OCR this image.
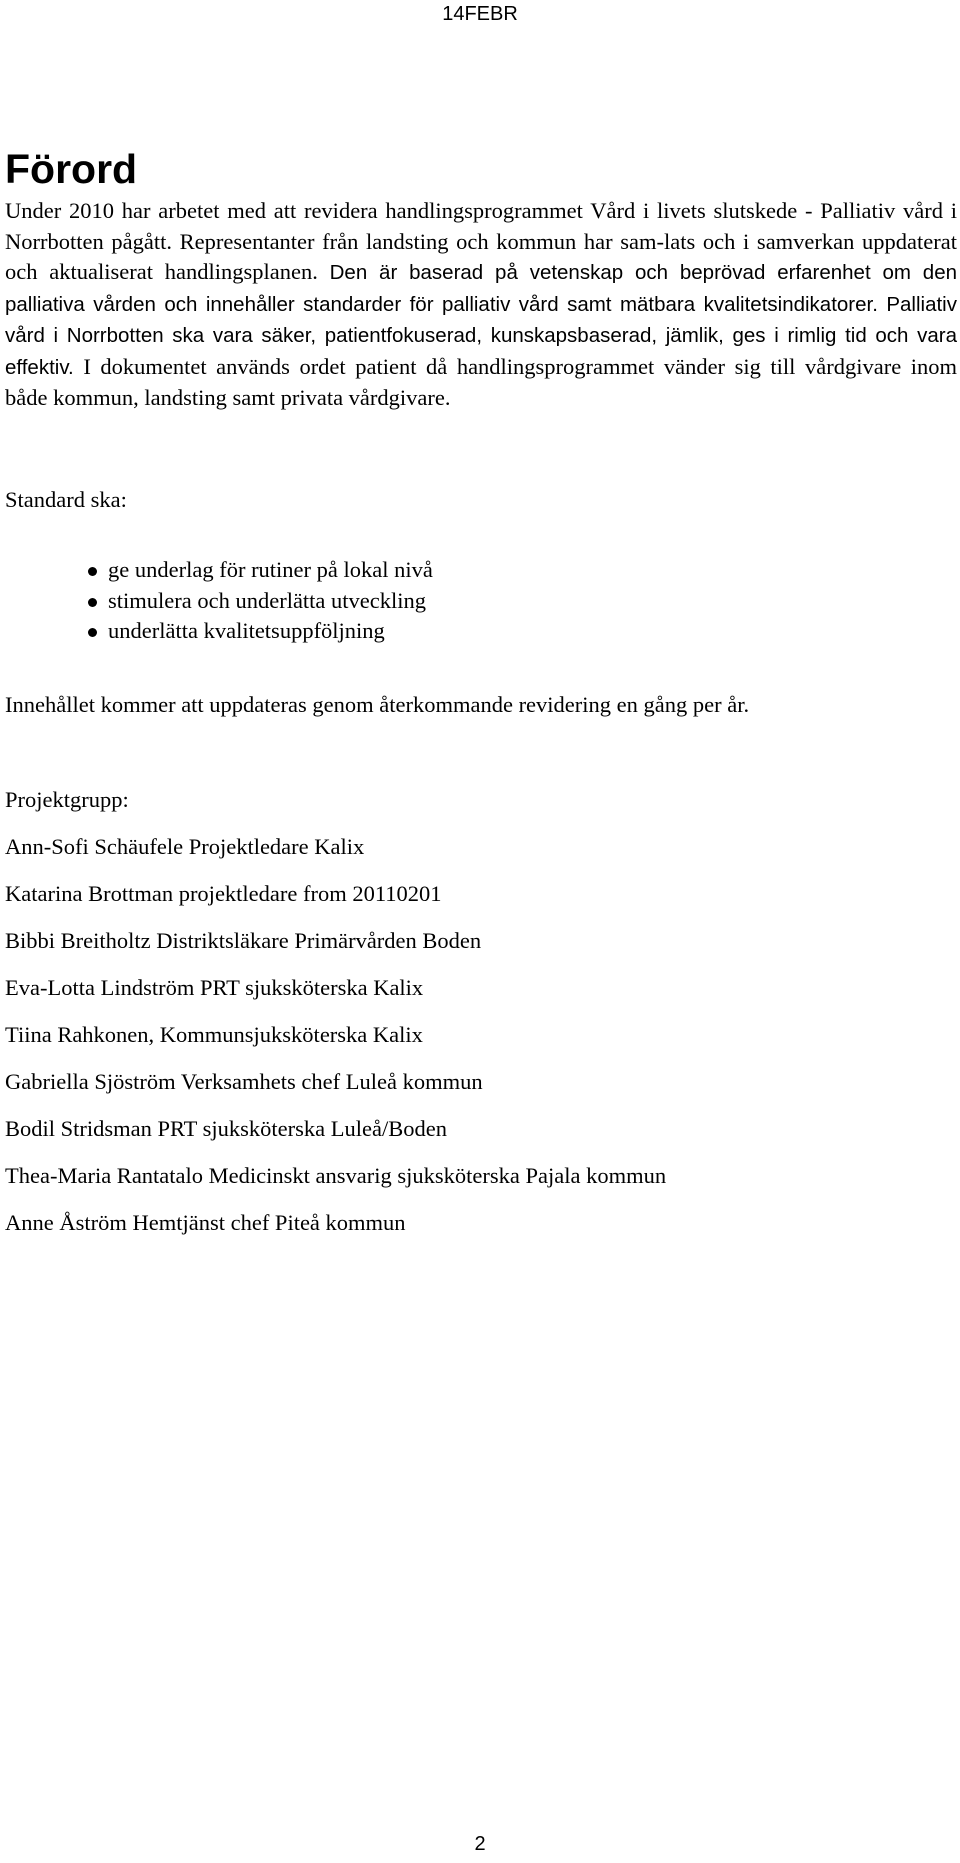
14FEBR
Förord

Under 2010 har arbetet med att revidera handlingsprogrammet Vård i livets slutskede - Palliativ vård i Norrbotten pågått. Representanter från landsting och kommun har sam-lats och i samverkan uppdaterat och aktualiserat handlingsplanen. Den är baserad på vetenskap och beprövad erfarenhet om den palliativa vården och innehåller standarder för palliativ vård samt mätbara kvalitetsindikatorer. Palliativ vård i Norrbotten ska vara säker, patientfokuserad, kunskapsbaserad, jämlik, ges i rimlig tid och vara effektiv. I dokumentet används ordet patient då handlingsprogrammet vänder sig till vårdgivare inom både kommun, landsting samt privata vårdgivare.

Standard ska:

ge underlag för rutiner på lokal nivå
stimulera och underlätta utveckling
underlätta kvalitetsuppföljning

Innehållet kommer att uppdateras genom återkommande revidering en gång per år.

Projektgrupp:

Ann-Sofi Schäufele Projektledare Kalix
Katarina Brottman projektledare from 20110201
Bibbi Breitholtz Distriktsläkare Primärvården Boden
Eva-Lotta Lindström PRT sjuksköterska Kalix
Tiina Rahkonen, Kommunsjuksköterska Kalix
Gabriella Sjöström Verksamhets chef Luleå kommun
Bodil Stridsman PRT sjuksköterska Luleå/Boden
Thea-Maria Rantatalo Medicinskt ansvarig sjuksköterska Pajala kommun
Anne Åström Hemtjänst chef Piteå kommun
2
